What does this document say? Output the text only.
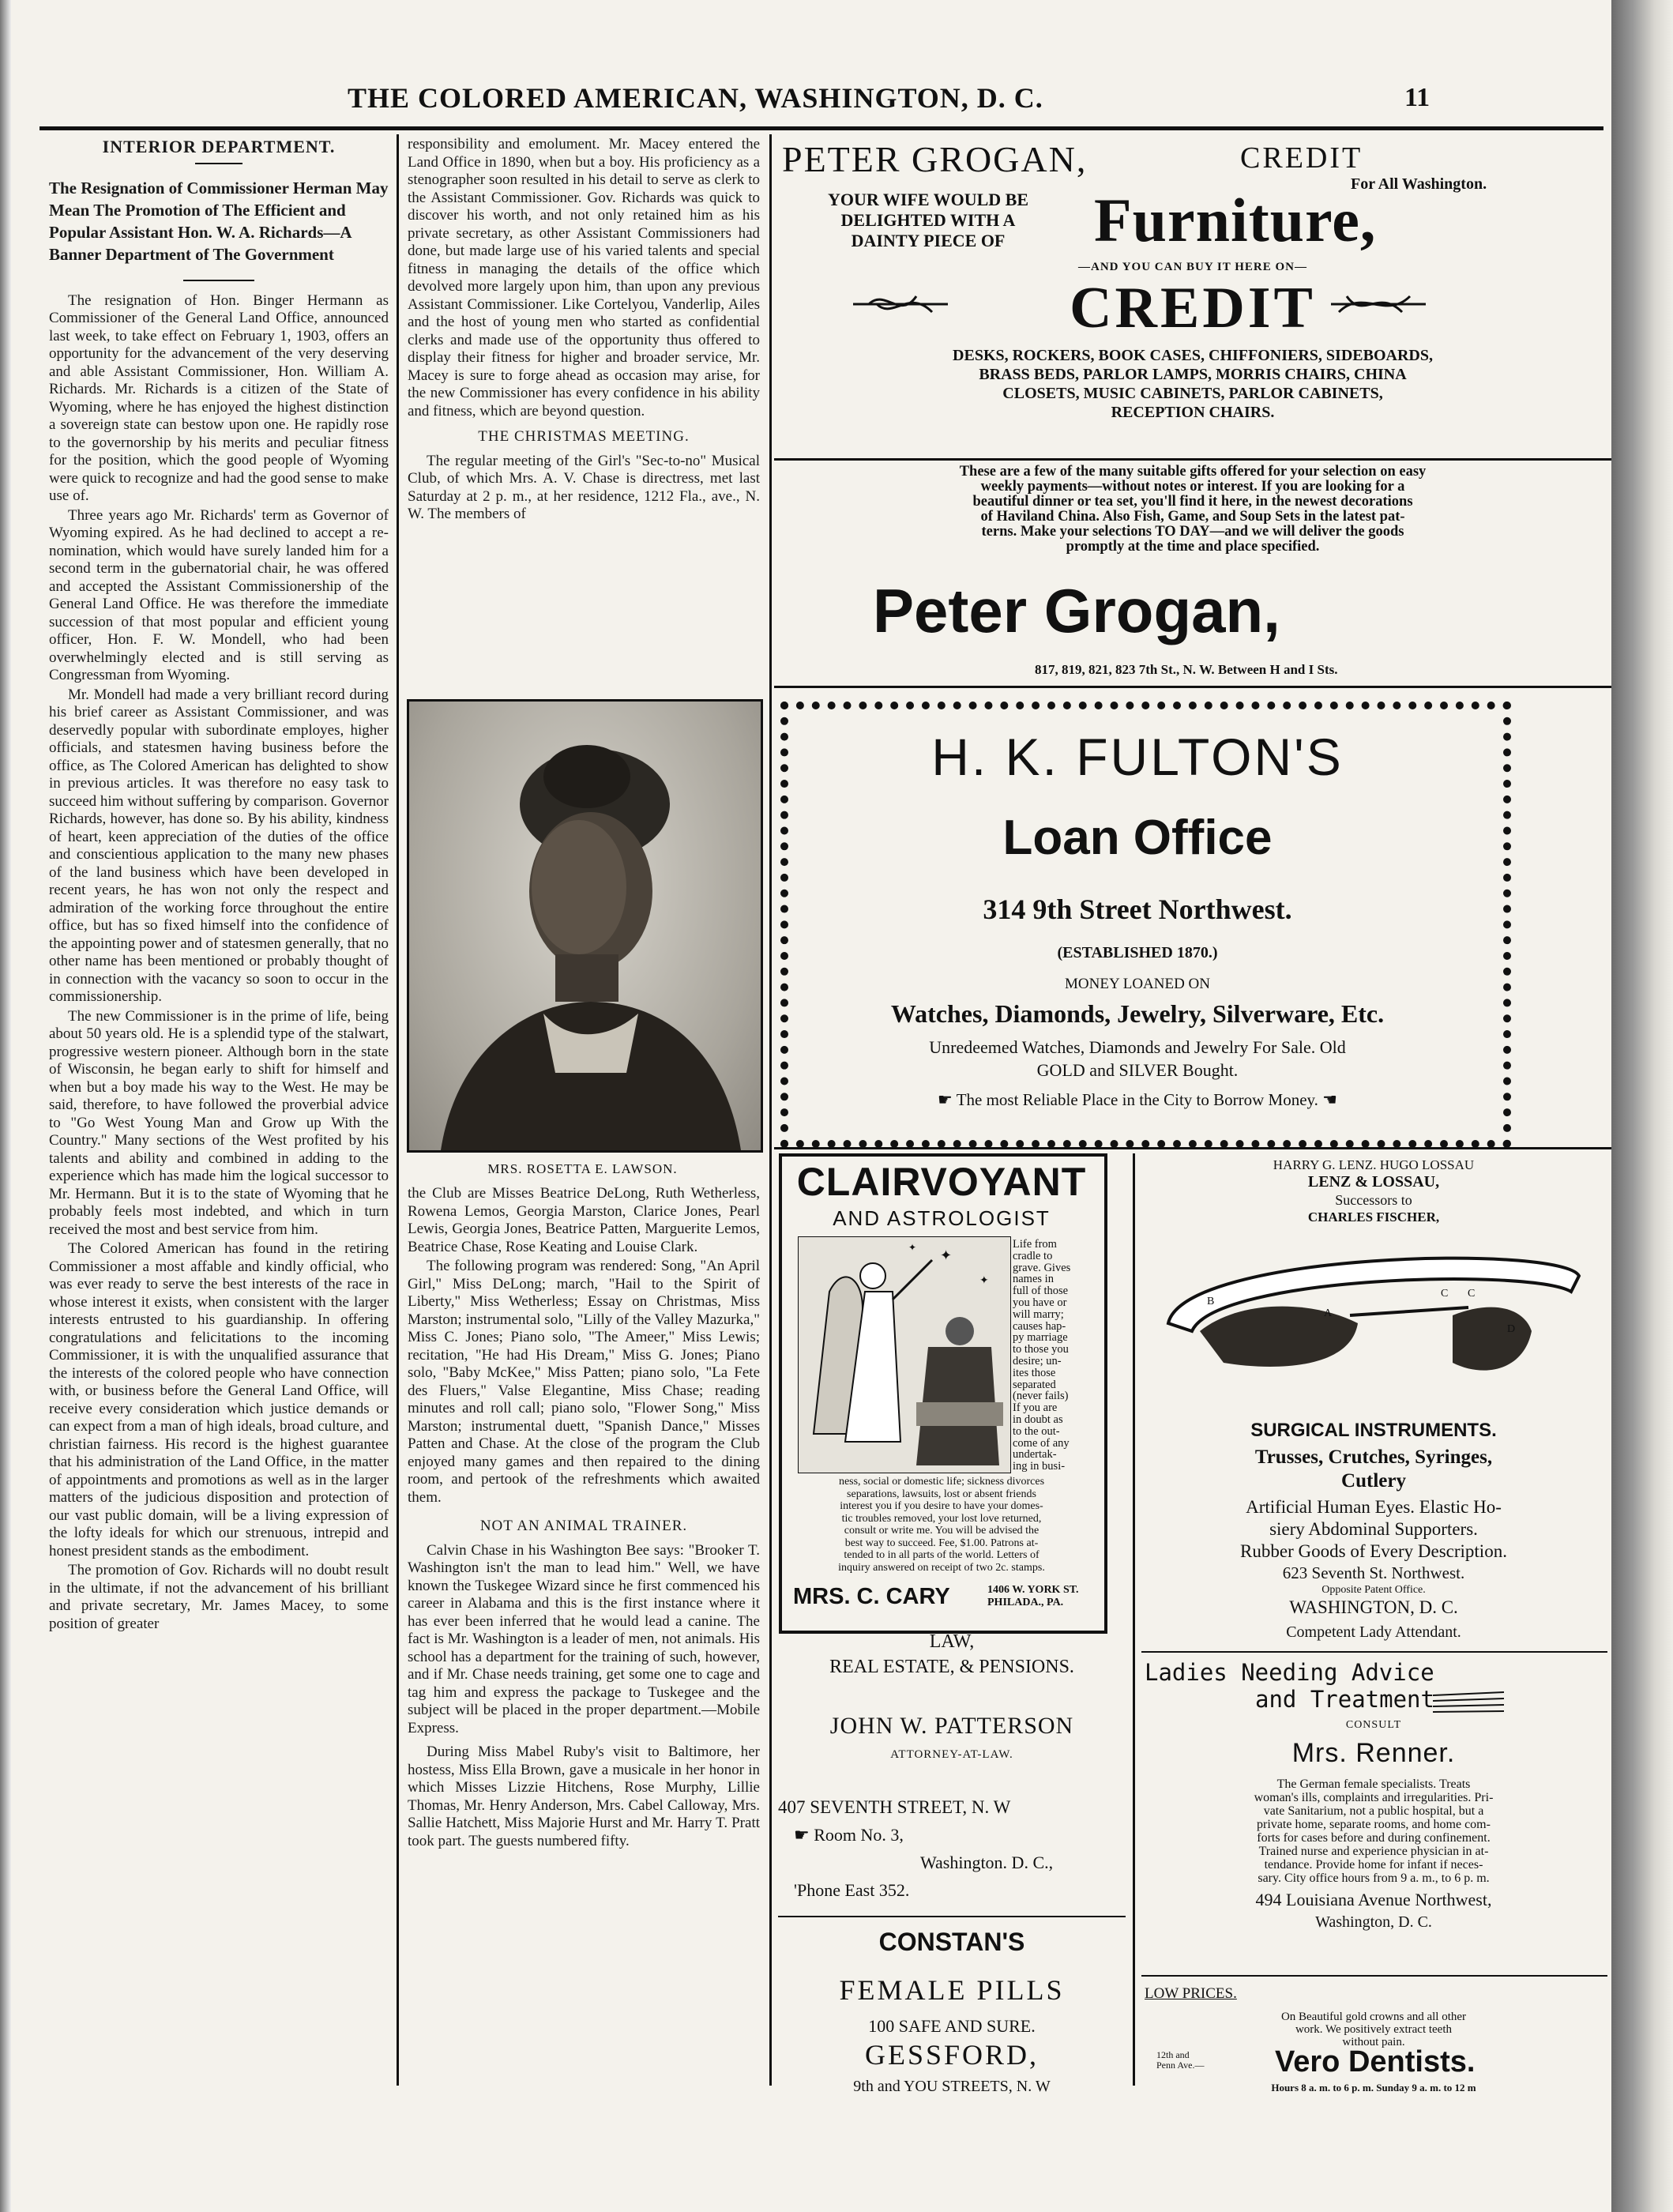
THE COLORED AMERICAN, WASHINGTON, D. C.	11
INTERIOR DEPARTMENT.

The Resignation of Commissioner Herman May Mean The Promotion of The Efficient and Popular Assistant Hon. W. A. Richards—A Banner Department of The Government

The resignation of Hon. Binger Hermann as Commissioner of the General Land Office, announced last week, to take effect on February 1, 1903, offers an opportunity for the advancement of the very deserving and able Assistant Commissioner, Hon. William A. Richards. Mr. Richards is a citizen of the State of Wyoming, where he has enjoyed the highest distinction a sovereign state can bestow upon one. He rapidly rose to the governorship by his merits and peculiar fitness for the position, which the good people of Wyoming were quick to recognize and had the good sense to make use of.

Three years ago Mr. Richards' term as Governor of Wyoming expired. As he had declined to accept a re-nomination, which would have surely landed him for a second term in the gubernatorial chair, he was offered and accepted the Assistant Commissionership of the General Land Office. He was therefore the immediate succession of that most popular and efficient young officer, Hon. F. W. Mondell, who had been overwhelmingly elected and is still serving as Congressman from Wyoming.

Mr. Mondell had made a very brilliant record during his brief career as Assistant Commissioner, and was deservedly popular with subordinate employes, higher officials, and statesmen having business before the office, as The Colored American has delighted to show in previous articles. It was therefore no easy task to succeed him without suffering by comparison. Governor Richards, however, has done so. By his ability, kindness of heart, keen appreciation of the duties of the office and conscientious application to the many new phases of the land business which have been developed in recent years, he has won not only the respect and admiration of the working force throughout the entire office, but has so fixed himself into the confidence of the appointing power and of statesmen generally, that no other name has been mentioned or probably thought of in connection with the vacancy so soon to occur in the commissionership.

The new Commissioner is in the prime of life, being about 50 years old. He is a splendid type of the stalwart, progressive western pioneer. Although born in the state of Wisconsin, he began early to shift for himself and when but a boy made his way to the West. He may be said, therefore, to have followed the proverbial advice to "Go West Young Man and Grow up With the Country." Many sections of the West profited by his talents and ability and combined in adding to the experience which has made him the logical successor to Mr. Hermann. But it is to the state of Wyoming that he probably feels most indebted, and which in turn received the most and best service from him.

The Colored American has found in the retiring Commissioner a most affable and kindly official, who was ever ready to serve the best interests of the race in whose interest it exists, when consistent with the larger interests entrusted to his guardianship. In offering congratulations and felicitations to the incoming Commissioner, it is with the unqualified assurance that the interests of the colored people who have connection with, or business before the General Land Office, will receive every consideration which justice demands or can expect from a man of high ideals, broad culture, and christian fairness. His record is the highest guarantee that his administration of the Land Office, in the matter of appointments and promotions as well as in the larger matters of the judicious disposition and protection of our vast public domain, will be a living expression of the lofty ideals for which our strenuous, intrepid and honest president stands as the embodiment.

The promotion of Gov. Richards will no doubt result in the ultimate, if not the advancement of his brilliant and private secretary, Mr. James Macey, to some position of greater

responsibility and emolument. Mr. Macey entered the Land Office in 1890, when but a boy. His proficiency as a stenographer soon resulted in his detail to serve as clerk to the Assistant Commissioner. Gov. Richards was quick to discover his worth, and not only retained him as his private secretary, as other Assistant Commissioners had done, but made large use of his varied talents and special fitness in managing the details of the office which devolved more largely upon him, than upon any previous Assistant Commissioner. Like Cortelyou, Vanderlip, Ailes and the host of young men who started as confidential clerks and made use of the opportunity thus offered to display their fitness for higher and broader service, Mr. Macey is sure to forge ahead as occasion may arise, for the new Commissioner has every confidence in his ability and fitness, which are beyond question.

THE CHRISTMAS MEETING.

The regular meeting of the Girl's "Sec-to-no" Musical Club, of which Mrs. A. V. Chase is directress, met last Saturday at 2 p. m., at her residence, 1212 Fla., ave., N. W. The members of

MRS. ROSETTA E. LAWSON.

the Club are Misses Beatrice DeLong, Ruth Wetherless, Rowena Lemos, Georgia Marston, Clarice Jones, Pearl Lewis, Georgia Jones, Beatrice Patten, Marguerite Lemos, Beatrice Chase, Rose Keating and Louise Clark.

The following program was rendered: Song, "An April Girl," Miss DeLong; march, "Hail to the Spirit of Liberty," Miss Wetherless; Essay on Christmas, Miss Marston; instrumental solo, "Lilly of the Valley Mazurka," Miss C. Jones; Piano solo, "The Ameer," Miss Lewis; recitation, "He had His Dream," Miss G. Jones; Piano solo, "Baby McKee," Miss Patten; piano solo, "La Fete des Fluers," Valse Elegantine, Miss Chase; reading minutes and roll call; piano solo, "Flower Song," Miss Marston; instrumental duett, "Spanish Dance," Misses Patten and Chase. At the close of the program the Club enjoyed many games and then repaired to the dining room, and pertook of the refreshments which awaited them.

NOT AN ANIMAL TRAINER.

Calvin Chase in his Washington Bee says: "Brooker T. Washington isn't the man to lead him." Well, we have known the Tuskegee Wizard since he first commenced his career in Alabama and this is the first instance where it has ever been inferred that he would lead a canine. The fact is Mr. Washington is a leader of men, not animals. His school has a department for the training of such, however, and if Mr. Chase needs training, get some one to cage and tag him and express the package to Tuskegee and the subject will be placed in the proper department.—Mobile Express.

During Miss Mabel Ruby's visit to Baltimore, her hostess, Miss Ella Brown, gave a musicale in her honor in which Misses Lizzie Hitchens, Rose Murphy, Lillie Thomas, Mr. Henry Anderson, Mrs. Cabel Calloway, Mrs. Sallie Hatchett, Miss Majorie Hurst and Mr. Harry T. Pratt took part. The guests numbered fifty.

PETER GROGAN,	CREDIT
For All Washington.
YOUR WIFE WOULD BE
DELIGHTED WITH A
DAINTY PIECE OF	Furniture,
—AND YOU CAN BUY IT HERE ON—
CREDIT
DESKS, ROCKERS, BOOK CASES, CHIFFONIERS, SIDEBOARDS,
BRASS BEDS, PARLOR LAMPS, MORRIS CHAIRS, CHINA
CLOSETS, MUSIC CABINETS, PARLOR CABINETS,
RECEPTION CHAIRS.
These are a few of the many suitable gifts offered for your selection on easy
weekly payments—without notes or interest. If you are looking for a
beautiful dinner or tea set, you'll find it here, in the newest decorations
of Haviland China. Also Fish, Game, and Soup Sets in the latest pat-
terns. Make your selections TO DAY—and we will deliver the goods
promptly at the time and place specified.
Peter Grogan,
817, 819, 821, 823 7th St., N. W. Between H and I Sts.
H. K. FULTON'S
Loan Office
314 9th Street Northwest.
(ESTABLISHED 1870.)
MONEY LOANED ON
Watches, Diamonds, Jewelry, Silverware, Etc.
Unredeemed Watches, Diamonds and Jewelry For Sale. Old
GOLD and SILVER Bought.
☛ The most Reliable Place in the City to Borrow Money. ☚
CLAIRVOYANT
AND ASTROLOGIST
✦
✦
✦	Life from
cradle to
grave. Gives
names in
full of those
you have or
will marry;
causes hap-
py marriage
to those you
desire; un-
ites those
separated
(never fails)
If you are
in doubt as
to the out-
come of any
undertak-
ing in busi-
ness, social or domestic life; sickness divorces
separations, lawsuits, lost or absent friends
interest you if you desire to have your domes-
tic troubles removed, your lost love returned,
consult or write me. You will be advised the
best way to succeed. Fee, $1.00. Patrons at-
tended to in all parts of the world. Letters of
inquiry answered on receipt of two 2c. stamps.
MRS. C. CARY	1406 W. YORK ST.
PHILADA., PA.
HARRY G. LENZ. HUGO LOSSAU
LENZ & LOSSAU,
Successors to
CHARLES FISCHER,
B
A
C C
D
SURGICAL INSTRUMENTS.
Trusses, Crutches, Syringes,
Cutlery
Artificial Human Eyes. Elastic Ho-
siery Abdominal Supporters.
Rubber Goods of Every Description.
623 Seventh St. Northwest.
Opposite Patent Office.
WASHINGTON, D. C.
Competent Lady Attendant.
LAW,
REAL ESTATE, & PENSIONS.
JOHN W. PATTERSON
ATTORNEY-AT-LAW.
407 SEVENTH STREET, N. W
☛ Room No. 3,
Washington. D. C.,
'Phone East 352.
CONSTAN'S
FEMALE PILLS
100 SAFE AND SURE.
GESSFORD,
9th and YOU STREETS, N. W
Ladies Needing Advice
and Treatment
CONSULT
Mrs. Renner.
The German female specialists. Treats
woman's ills, complaints and irregularities. Pri-
vate Sanitarium, not a public hospital, but a
private home, separate rooms, and home com-
forts for cases before and during confinement.
Trained nurse and experience physician in at-
tendance. Provide home for infant if neces-
sary. City office hours from 9 a. m., to 6 p. m.
494 Louisiana Avenue Northwest,
Washington, D. C.
LOW PRICES.
On Beautiful gold crowns and all other
work. We positively extract teeth
without pain.
12th and
Penn Ave.— Vero Dentists.
Hours 8 a. m. to 6 p. m. Sunday 9 a. m. to 12 m
